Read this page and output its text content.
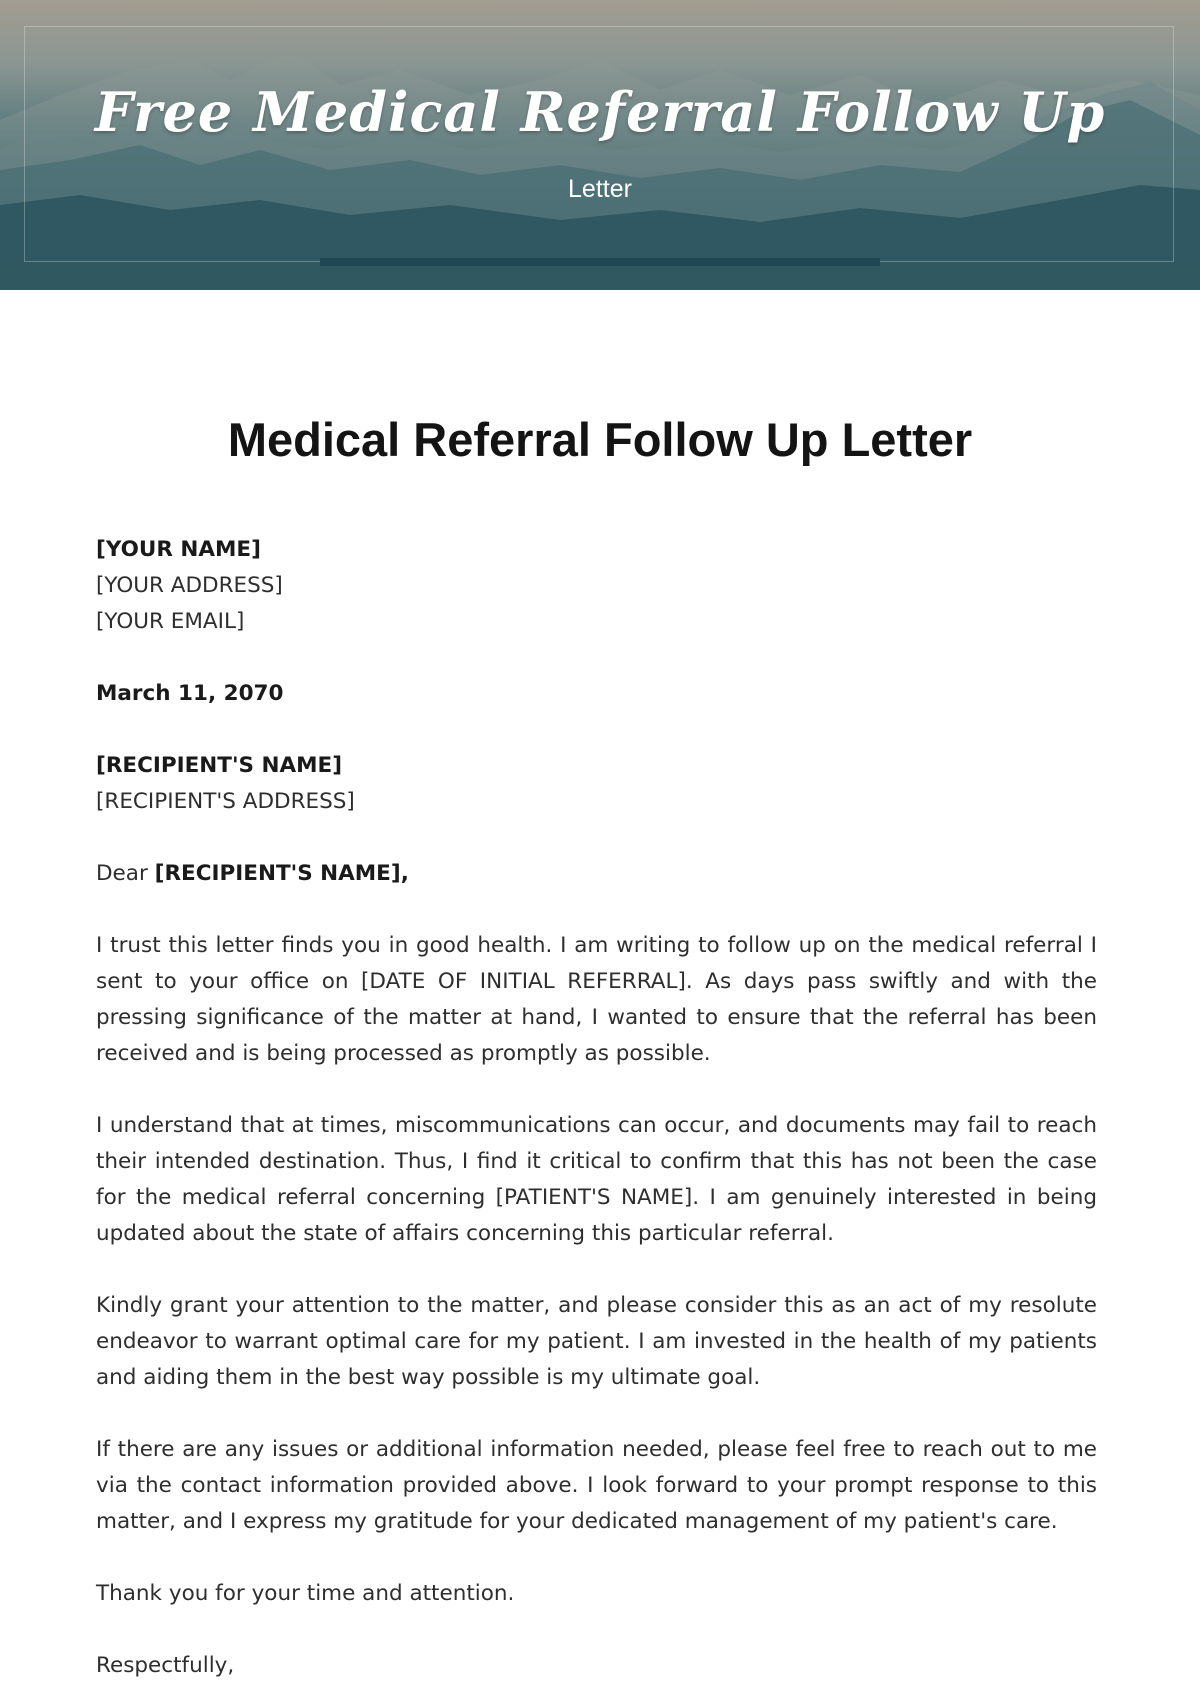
Free Medical Referral Follow Up
Letter
Medical Referral Follow Up Letter
[YOUR NAME]
[YOUR ADDRESS]
[YOUR EMAIL]
March 11, 2070
[RECIPIENT'S NAME]
[RECIPIENT'S ADDRESS]
Dear [RECIPIENT'S NAME],

I trust this letter finds you in good health. I am writing to follow up on the medical referral I sent to your office on [DATE OF INITIAL REFERRAL]. As days pass swiftly and with the pressing significance of the matter at hand, I wanted to ensure that the referral has been received and is being processed as promptly as possible.

I understand that at times, miscommunications can occur, and documents may fail to reach their intended destination. Thus, I find it critical to confirm that this has not been the case for the medical referral concerning [PATIENT'S NAME]. I am genuinely interested in being updated about the state of affairs concerning this particular referral.

Kindly grant your attention to the matter, and please consider this as an act of my resolute endeavor to warrant optimal care for my patient. I am invested in the health of my patients and aiding them in the best way possible is my ultimate goal.

If there are any issues or additional information needed, please feel free to reach out to me via the contact information provided above. I look forward to your prompt response to this matter, and I express my gratitude for your dedicated management of my patient's care.

Thank you for your time and attention.
Respectfully,
